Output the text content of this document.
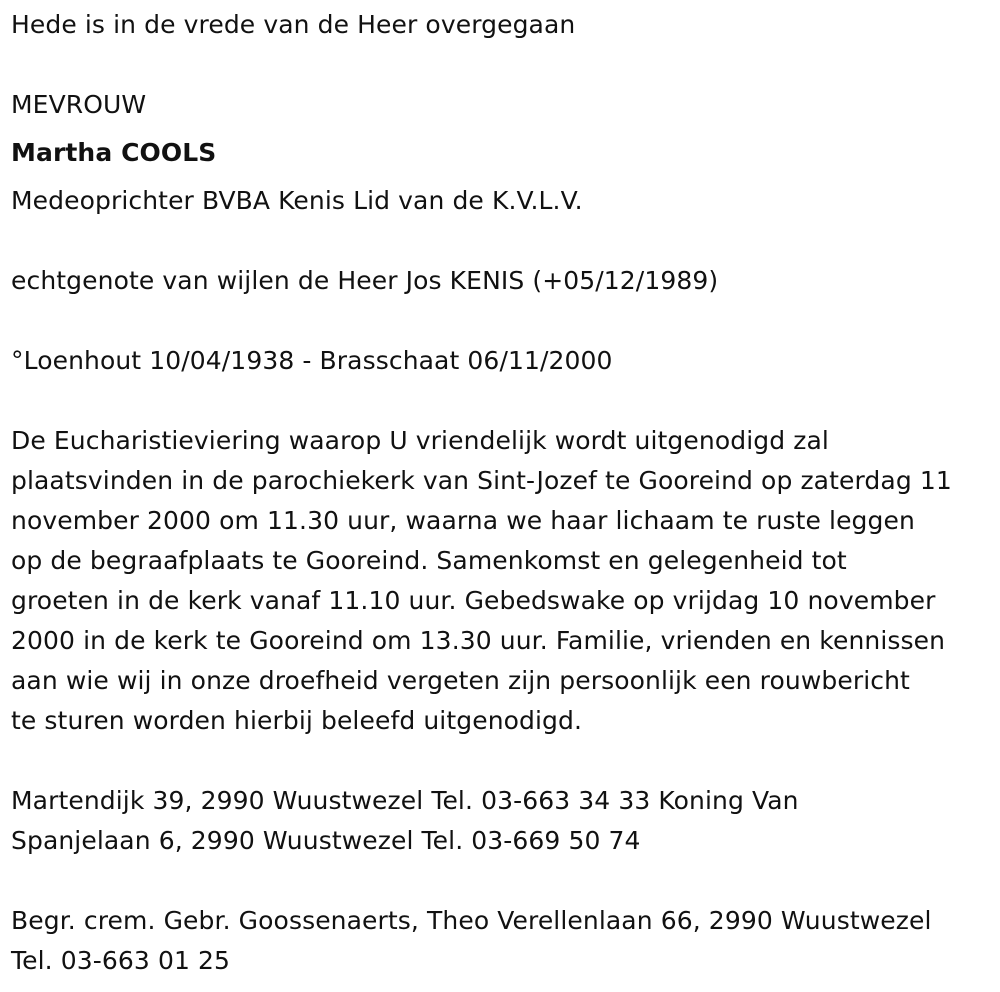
Hede is in de vrede van de Heer overgegaan
MEVROUW
Martha COOLS
Medeoprichter BVBA Kenis Lid van de K.V.L.V.
echtgenote van wijlen de Heer Jos KENIS (+05/12/1989)
°Loenhout 10/04/1938 - Brasschaat 06/11/2000
De Eucharistieviering waarop U vriendelijk wordt uitgenodigd zal
plaatsvinden in de parochiekerk van Sint-Jozef te Gooreind op zaterdag 11
november 2000 om 11.30 uur, waarna we haar lichaam te ruste leggen
op de begraafplaats te Gooreind. Samenkomst en gelegenheid tot
groeten in de kerk vanaf 11.10 uur. Gebedswake op vrijdag 10 november
2000 in de kerk te Gooreind om 13.30 uur. Familie, vrienden en kennissen
aan wie wij in onze droefheid vergeten zijn persoonlijk een rouwbericht
te sturen worden hierbij beleefd uitgenodigd.
Martendijk 39, 2990 Wuustwezel Tel. 03-663 34 33 Koning Van
Spanjelaan 6, 2990 Wuustwezel Tel. 03-669 50 74
Begr. crem. Gebr. Goossenaerts, Theo Verellenlaan 66, 2990 Wuustwezel
Tel. 03-663 01 25
